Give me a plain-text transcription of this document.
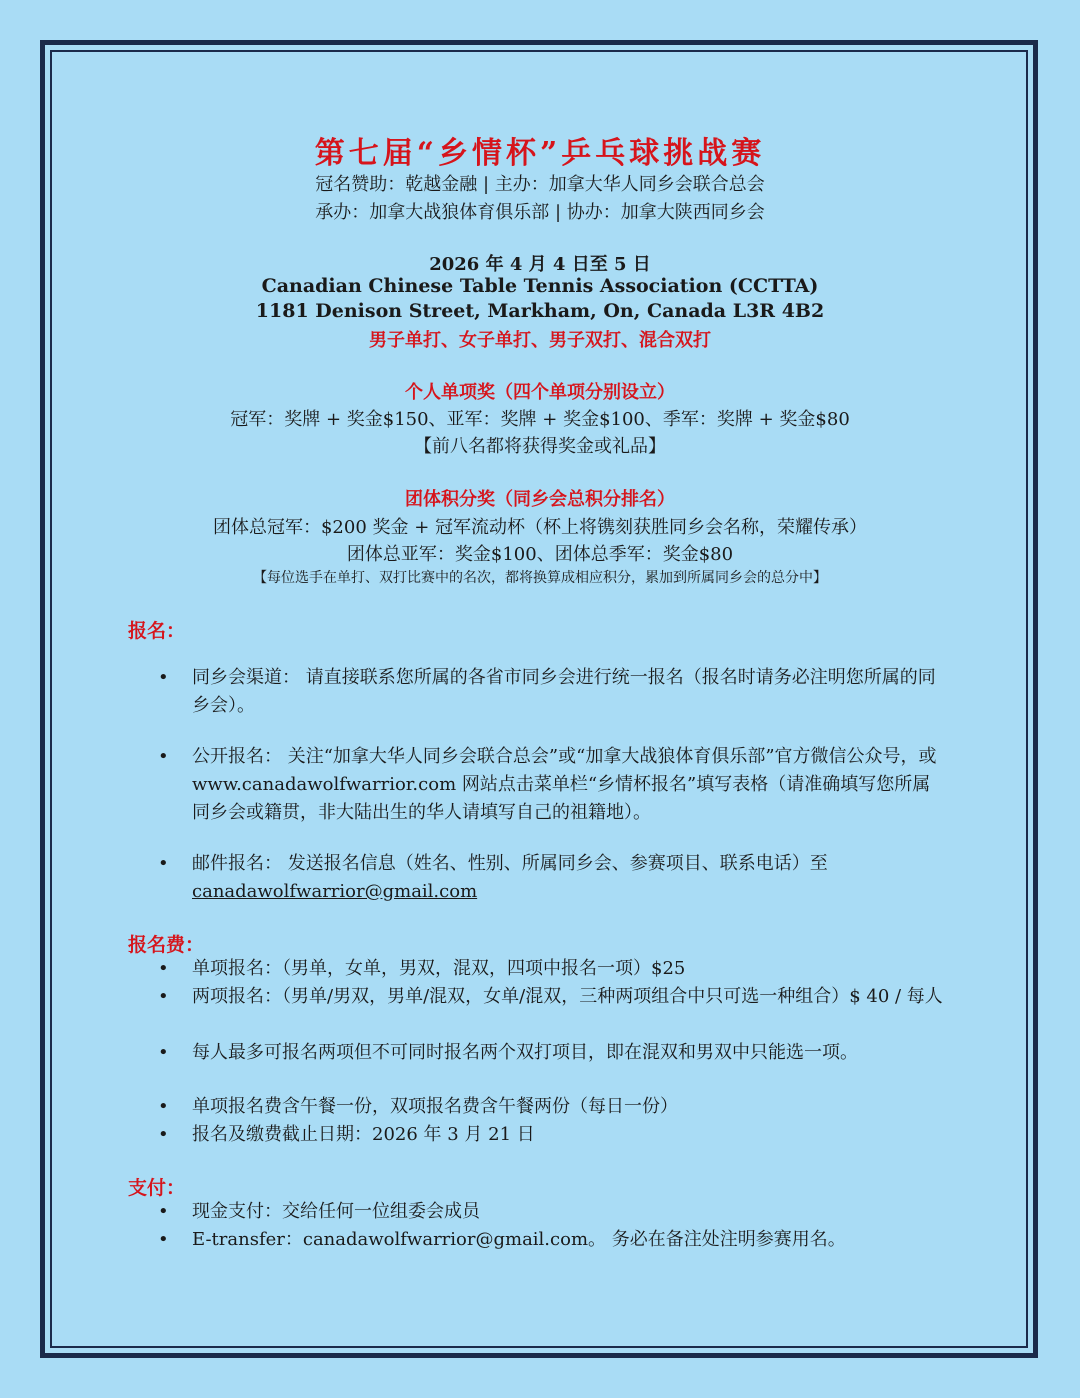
第七届“乡情杯”乒乓球挑战赛

冠名赞助：乾越金融 | 主办：加拿大华人同乡会联合总会

承办：加拿大战狼体育俱乐部 | 协办：加拿大陕西同乡会

2026 年 4 月 4 日至 5 日

Canadian Chinese Table Tennis Association (CCTTA)

1181 Denison Street, Markham, On, Canada L3R 4B2

男子单打、女子单打、男子双打、混合双打

个人单项奖（四个单项分别设立）

冠军：奖牌 + 奖金$150、亚军：奖牌 + 奖金$100、季军：奖牌 + 奖金$80

【前八名都将获得奖金或礼品】

团体积分奖（同乡会总积分排名）

团体总冠军：$200 奖金 + 冠军流动杯（杯上将镌刻获胜同乡会名称，荣耀传承）

团体总亚军：奖金$100、团体总季军：奖金$80

【每位选手在单打、双打比赛中的名次，都将换算成相应积分，累加到所属同乡会的总分中】

报名：
•	同乡会渠道： 请直接联系您所属的各省市同乡会进行统一报名（报名时请务必注明您所属的同乡会）。
•	公开报名： 关注“加拿大华人同乡会联合总会”或“加拿大战狼体育俱乐部”官方微信公众号，或 www.canadawolfwarrior.com 网站点击菜单栏“乡情杯报名”填写表格（请准确填写您所属同乡会或籍贯，非大陆出生的华人请填写自己的祖籍地）。
•	邮件报名： 发送报名信息（姓名、性别、所属同乡会、参赛项目、联系电话）至
canadawolfwarrior@gmail.com
报名费：
•	单项报名：（男单，女单，男双，混双，四项中报名一项）$25
•	两项报名：（男单/男双，男单/混双，女单/混双，三种两项组合中只可选一种组合）$ 40 / 每人
•	每人最多可报名两项但不可同时报名两个双打项目，即在混双和男双中只能选一项。
•	单项报名费含午餐一份，双项报名费含午餐两份（每日一份）
•	报名及缴费截止日期：2026 年 3 月 21 日
支付：
•	现金支付：交给任何一位组委会成员
•	E-transfer：canadawolfwarrior@gmail.com。 务必在备注处注明参赛用名。
